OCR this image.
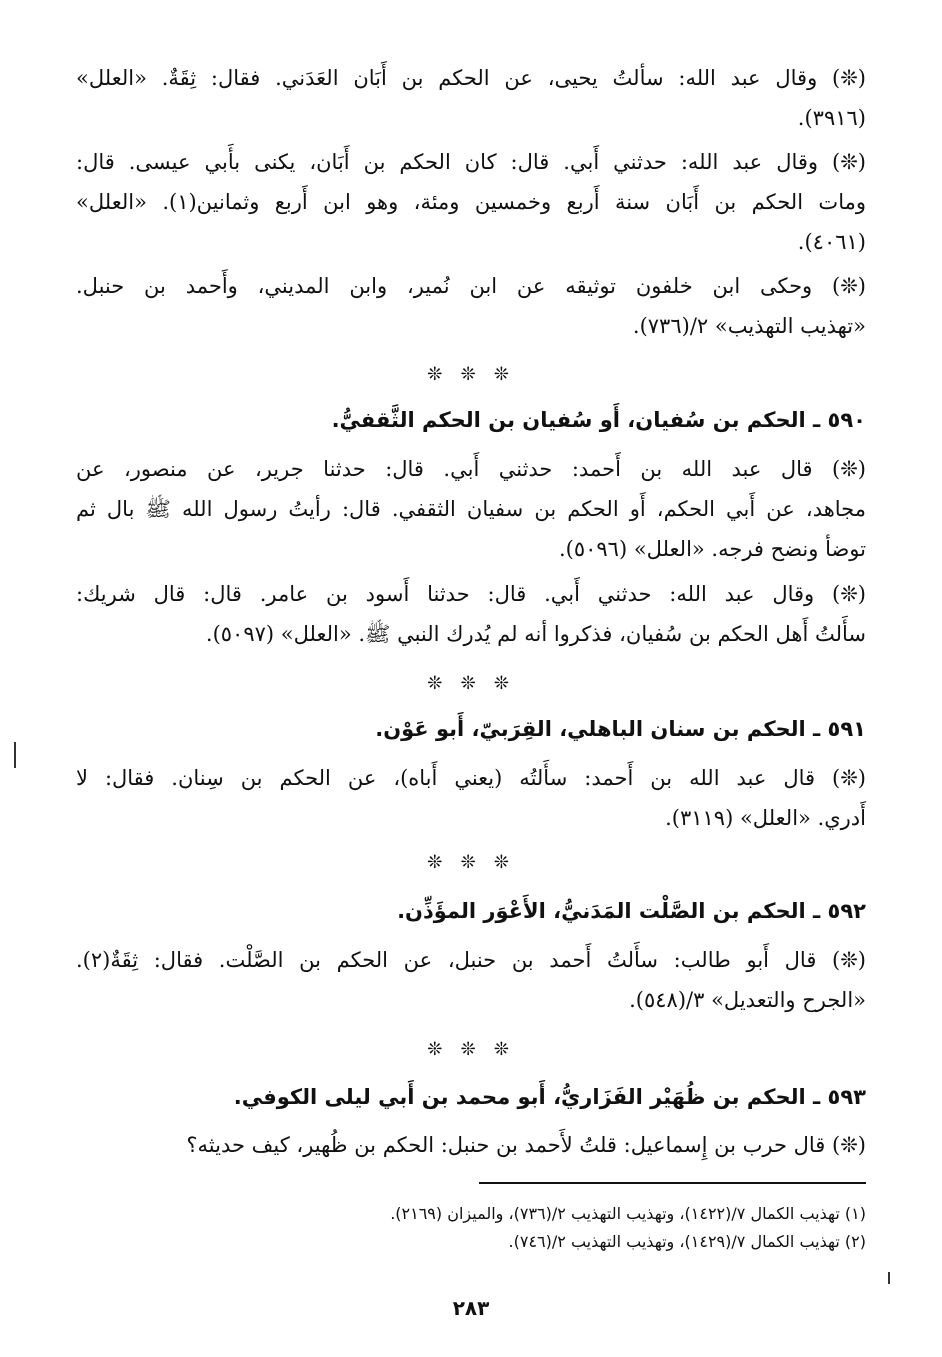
(❊) وقال عبد الله: سألتُ يحيى، عن الحكم بن أَبَان العَدَني. فقال: ثِقَةٌ. «العلل»
(٣٩١٦).
(❊) وقال عبد الله: حدثني أَبي. قال: كان الحكم بن أَبَان، يكنى بأَبي عيسى. قال:
ومات الحكم بن أَبَان سنة أَربع وخمسين ومئة، وهو ابن أَربع وثمانين(١). «العلل»
(٤٠٦١).
(❊) وحكى ابن خلفون توثيقه عن ابن نُمير، وابن المديني، وأَحمد بن حنبل.
«تهذيب التهذيب» ٢/(٧٣٦).
❊ ❊ ❊
٥٩٠ ـ الحكم بن سُفيان، أَو سُفيان بن الحكم الثَّقفيُّ.
(❊) قال عبد الله بن أَحمد: حدثني أَبي. قال: حدثنا جرير، عن منصور، عن
مجاهد، عن أَبي الحكم، أَو الحكم بن سفيان الثقفي. قال: رأيتُ رسول الله ﷺ بال ثم
توضأ ونضح فرجه. «العلل» (٥٠٩٦).
(❊) وقال عبد الله: حدثني أَبي. قال: حدثنا أَسود بن عامر. قال: قال شريك:
سأَلتُ أَهل الحكم بن سُفيان، فذكروا أنه لم يُدرك النبي ﷺ. «العلل» (٥٠٩٧).
❊ ❊ ❊
٥٩١ ـ الحكم بن سنان الباهلي، القِرَبيّ، أَبو عَوْن.
(❊) قال عبد الله بن أَحمد: سأَلتُه (يعني أَباه)، عن الحكم بن سِنان. فقال: لا
أَدري. «العلل» (٣١١٩).
❊ ❊ ❊
٥٩٢ ـ الحكم بن الصَّلْت المَدَنيُّ، الأَعْوَر المؤَذِّن.
(❊) قال أَبو طالب: سأَلتُ أَحمد بن حنبل، عن الحكم بن الصَّلْت. فقال: ثِقَةٌ(٢).
«الجرح والتعديل» ٣/(٥٤٨).
❊ ❊ ❊
٥٩٣ ـ الحكم بن ظُهَيْر الفَزَاريُّ، أَبو محمد بن أَبي ليلى الكوفي.
(❊) قال حرب بن إِسماعيل: قلتُ لأَحمد بن حنبل: الحكم بن ظُهير، كيف حديثه؟
(١) تهذيب الكمال ٧/(١٤٢٢)، وتهذيب التهذيب ٢/(٧٣٦)، والميزان (٢١٦٩).
(٢) تهذيب الكمال ٧/(١٤٢٩)، وتهذيب التهذيب ٢/(٧٤٦).
٢٨٣
